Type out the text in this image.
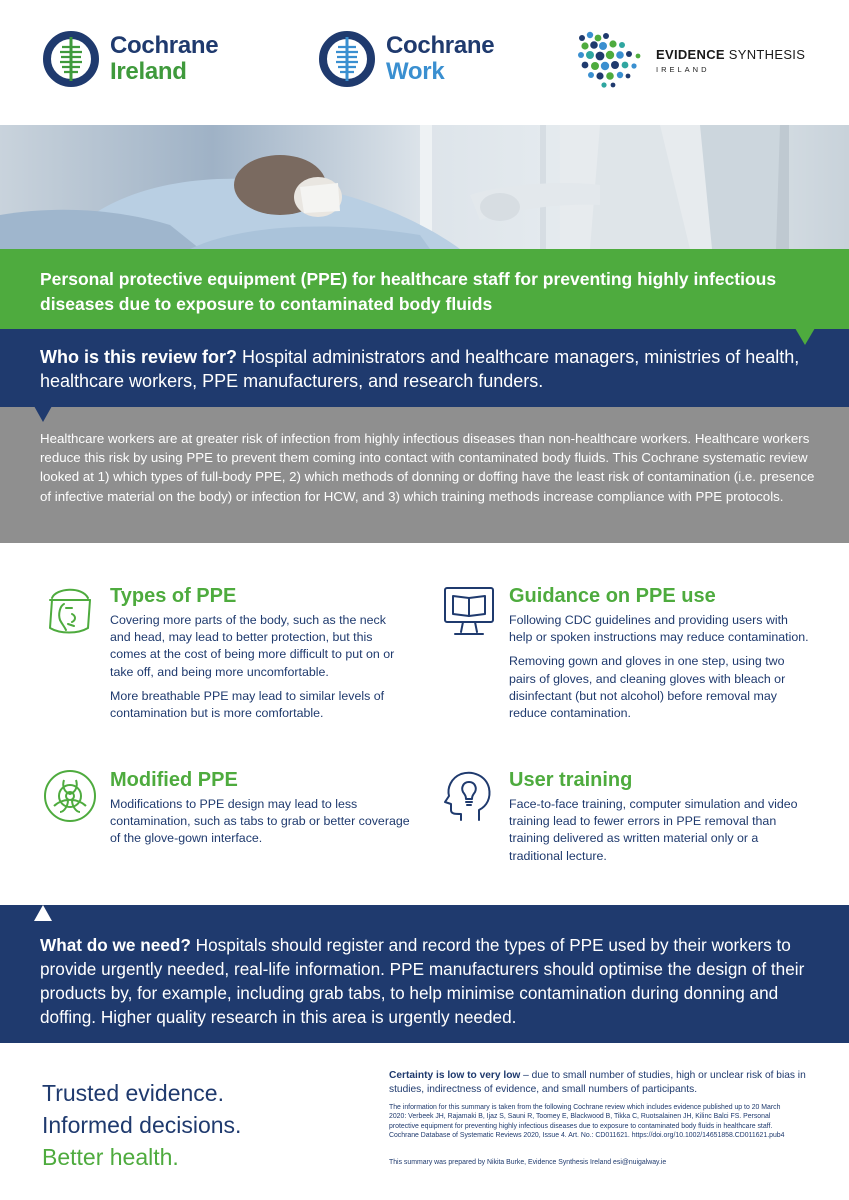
Cochrane
Ireland
Cochrane
Work
EVIDENCE SYNTHESIS
IRELAND
Personal protective equipment (PPE) for healthcare staff for preventing highly infectious diseases due to exposure to contaminated body fluids

Who is this review for? Hospital administrators and healthcare managers, ministries of health, healthcare workers, PPE manufacturers, and research funders.

Healthcare workers are at greater risk of infection from highly infectious diseases than non-healthcare workers. Healthcare workers reduce this risk by using PPE to prevent them coming into contact with contaminated body fluids. This Cochrane systematic review looked at 1) which types of full-body PPE, 2) which methods of donning or doffing have the least risk of contamination (i.e. presence of infective material on the body) or infection for HCW, and 3) which training methods increase compliance with PPE protocols.

Types of PPE

Covering more parts of the body, such as the neck and head, may lead to better protection, but this comes at the cost of being more difficult to put on or take off, and being more uncomfortable.

More breathable PPE may lead to similar levels of contamination but is more comfortable.

Guidance on PPE use

Following CDC guidelines and providing users with help or spoken instructions may reduce contamination.

Removing gown and gloves in one step, using two pairs of gloves, and cleaning gloves with bleach or disinfectant (but not alcohol) before removal may reduce contamination.

Modified PPE

Modifications to PPE design may lead to less contamination, such as tabs to grab or better coverage of the glove-gown interface.

User training

Face-to-face training, computer simulation and video training lead to fewer errors in PPE removal than training delivered as written material only or a traditional lecture.

What do we need? Hospitals should register and record the types of PPE used by their workers to provide urgently needed, real-life information. PPE manufacturers should optimise the design of their products by, for example, including grab tabs, to help minimise contamination during donning and doffing. Higher quality research in this area is urgently needed.

Trusted evidence.
Informed decisions.
Better health.
Certainty is low to very low – due to small number of studies, high or unclear risk of bias in studies, indirectness of evidence, and small numbers of participants.
The information for this summary is taken from the following Cochrane review which includes evidence published up to 20 March 2020: Verbeek JH, Rajamaki B, Ijaz S, Sauni R, Toomey E, Blackwood B, Tikka C, Ruotsalainen JH, Kilinc Balci FS. Personal protective equipment for preventing highly infectious diseases due to exposure to contaminated body fluids in healthcare staff. Cochrane Database of Systematic Reviews 2020, Issue 4. Art. No.: CD011621. https://doi.org/10.1002/14651858.CD011621.pub4
This summary was prepared by Nikita Burke, Evidence Synthesis Ireland esi@nuigalway.ie
